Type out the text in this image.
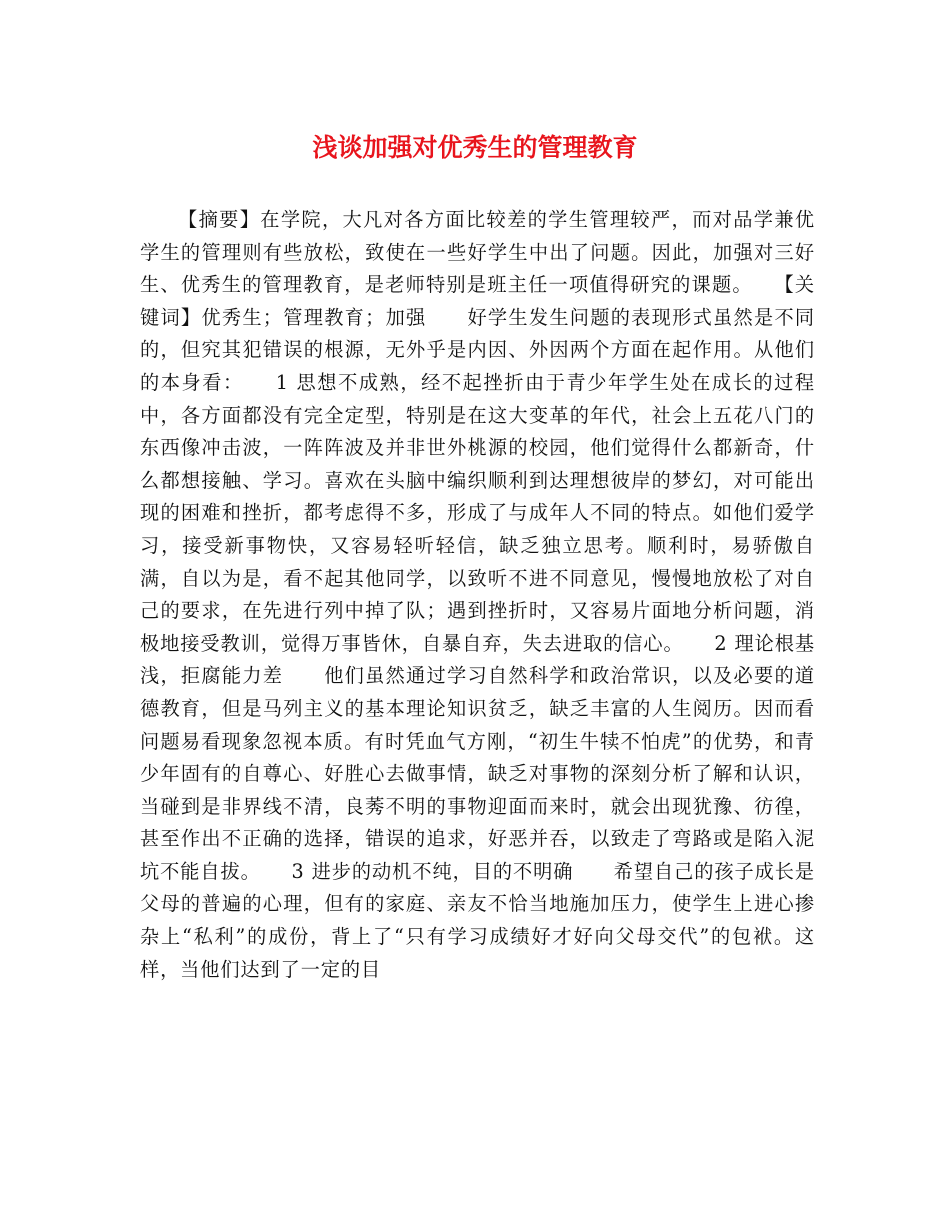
浅谈加强对优秀生的管理教育

【摘要】在学院，大凡对各方面比较差的学生管理较严，而对品学兼优学生的管理则有些放松，致使在一些好学生中出了问题。因此，加强对三好生、优秀生的管理教育，是老师特别是班主任一项值得研究的课题。　　【关键词】优秀生；管理教育；加强　　好学生发生问题的表现形式虽然是不同的，但究其犯错误的根源，无外乎是内因、外因两个方面在起作用。从他们的本身看：　　1 思想不成熟，经不起挫折由于青少年学生处在成长的过程中，各方面都没有完全定型，特别是在这大变革的年代，社会上五花八门的东西像冲击波，一阵阵波及并非世外桃源的校园，他们觉得什么都新奇，什么都想接触、学习。喜欢在头脑中编织顺利到达理想彼岸的梦幻，对可能出现的困难和挫折，都考虑得不多，形成了与成年人不同的特点。如他们爱学习，接受新事物快，又容易轻听轻信，缺乏独立思考。顺利时，易骄傲自满，自以为是，看不起其他同学，以致听不进不同意见，慢慢地放松了对自己的要求，在先进行列中掉了队；遇到挫折时，又容易片面地分析问题，消极地接受教训，觉得万事皆休，自暴自弃，失去进取的信心。　　2 理论根基浅，拒腐能力差　　他们虽然通过学习自然科学和政治常识，以及必要的道德教育，但是马列主义的基本理论知识贫乏，缺乏丰富的人生阅历。因而看问题易看现象忽视本质。有时凭血气方刚，“初生牛犊不怕虎”的优势，和青少年固有的自尊心、好胜心去做事情，缺乏对事物的深刻分析了解和认识，当碰到是非界线不清，良莠不明的事物迎面而来时，就会出现犹豫、彷徨，甚至作出不正确的选择，错误的追求，好恶并吞，以致走了弯路或是陷入泥坑不能自拔。　　3 进步的动机不纯，目的不明确　　希望自己的孩子成长是父母的普遍的心理，但有的家庭、亲友不恰当地施加压力，使学生上进心掺杂上“私利”的成份，背上了“只有学习成绩好才好向父母交代”的包袱。这样，当他们达到了一定的目
